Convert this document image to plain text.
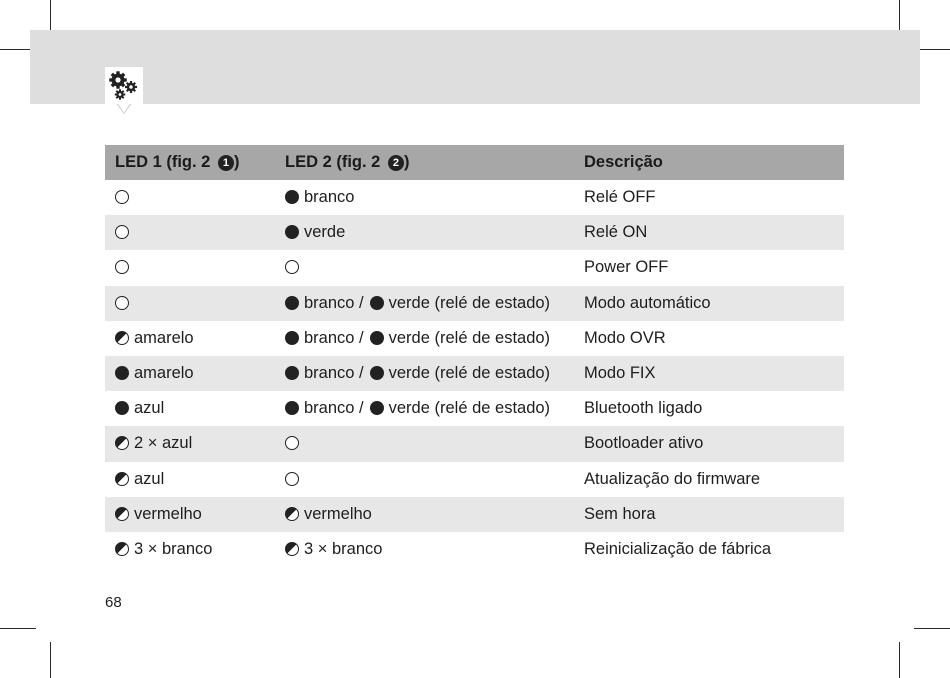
LED 1 (fig. 2 1 )	LED 2 (fig. 2 2 )	Descrição
	branco	Relé OFF
	verde	Relé ON
		Power OFF
	branco / verde (relé de estado)	Modo automático
amarelo	branco / verde (relé de estado)	Modo OVR
amarelo	branco / verde (relé de estado)	Modo FIX
azul	branco / verde (relé de estado)	Bluetooth ligado
2 × azul		Bootloader ativo
azul		Atualização do firmware
vermelho	vermelho	Sem hora
3 × branco	3 × branco	Reinicialização de fábrica
68
